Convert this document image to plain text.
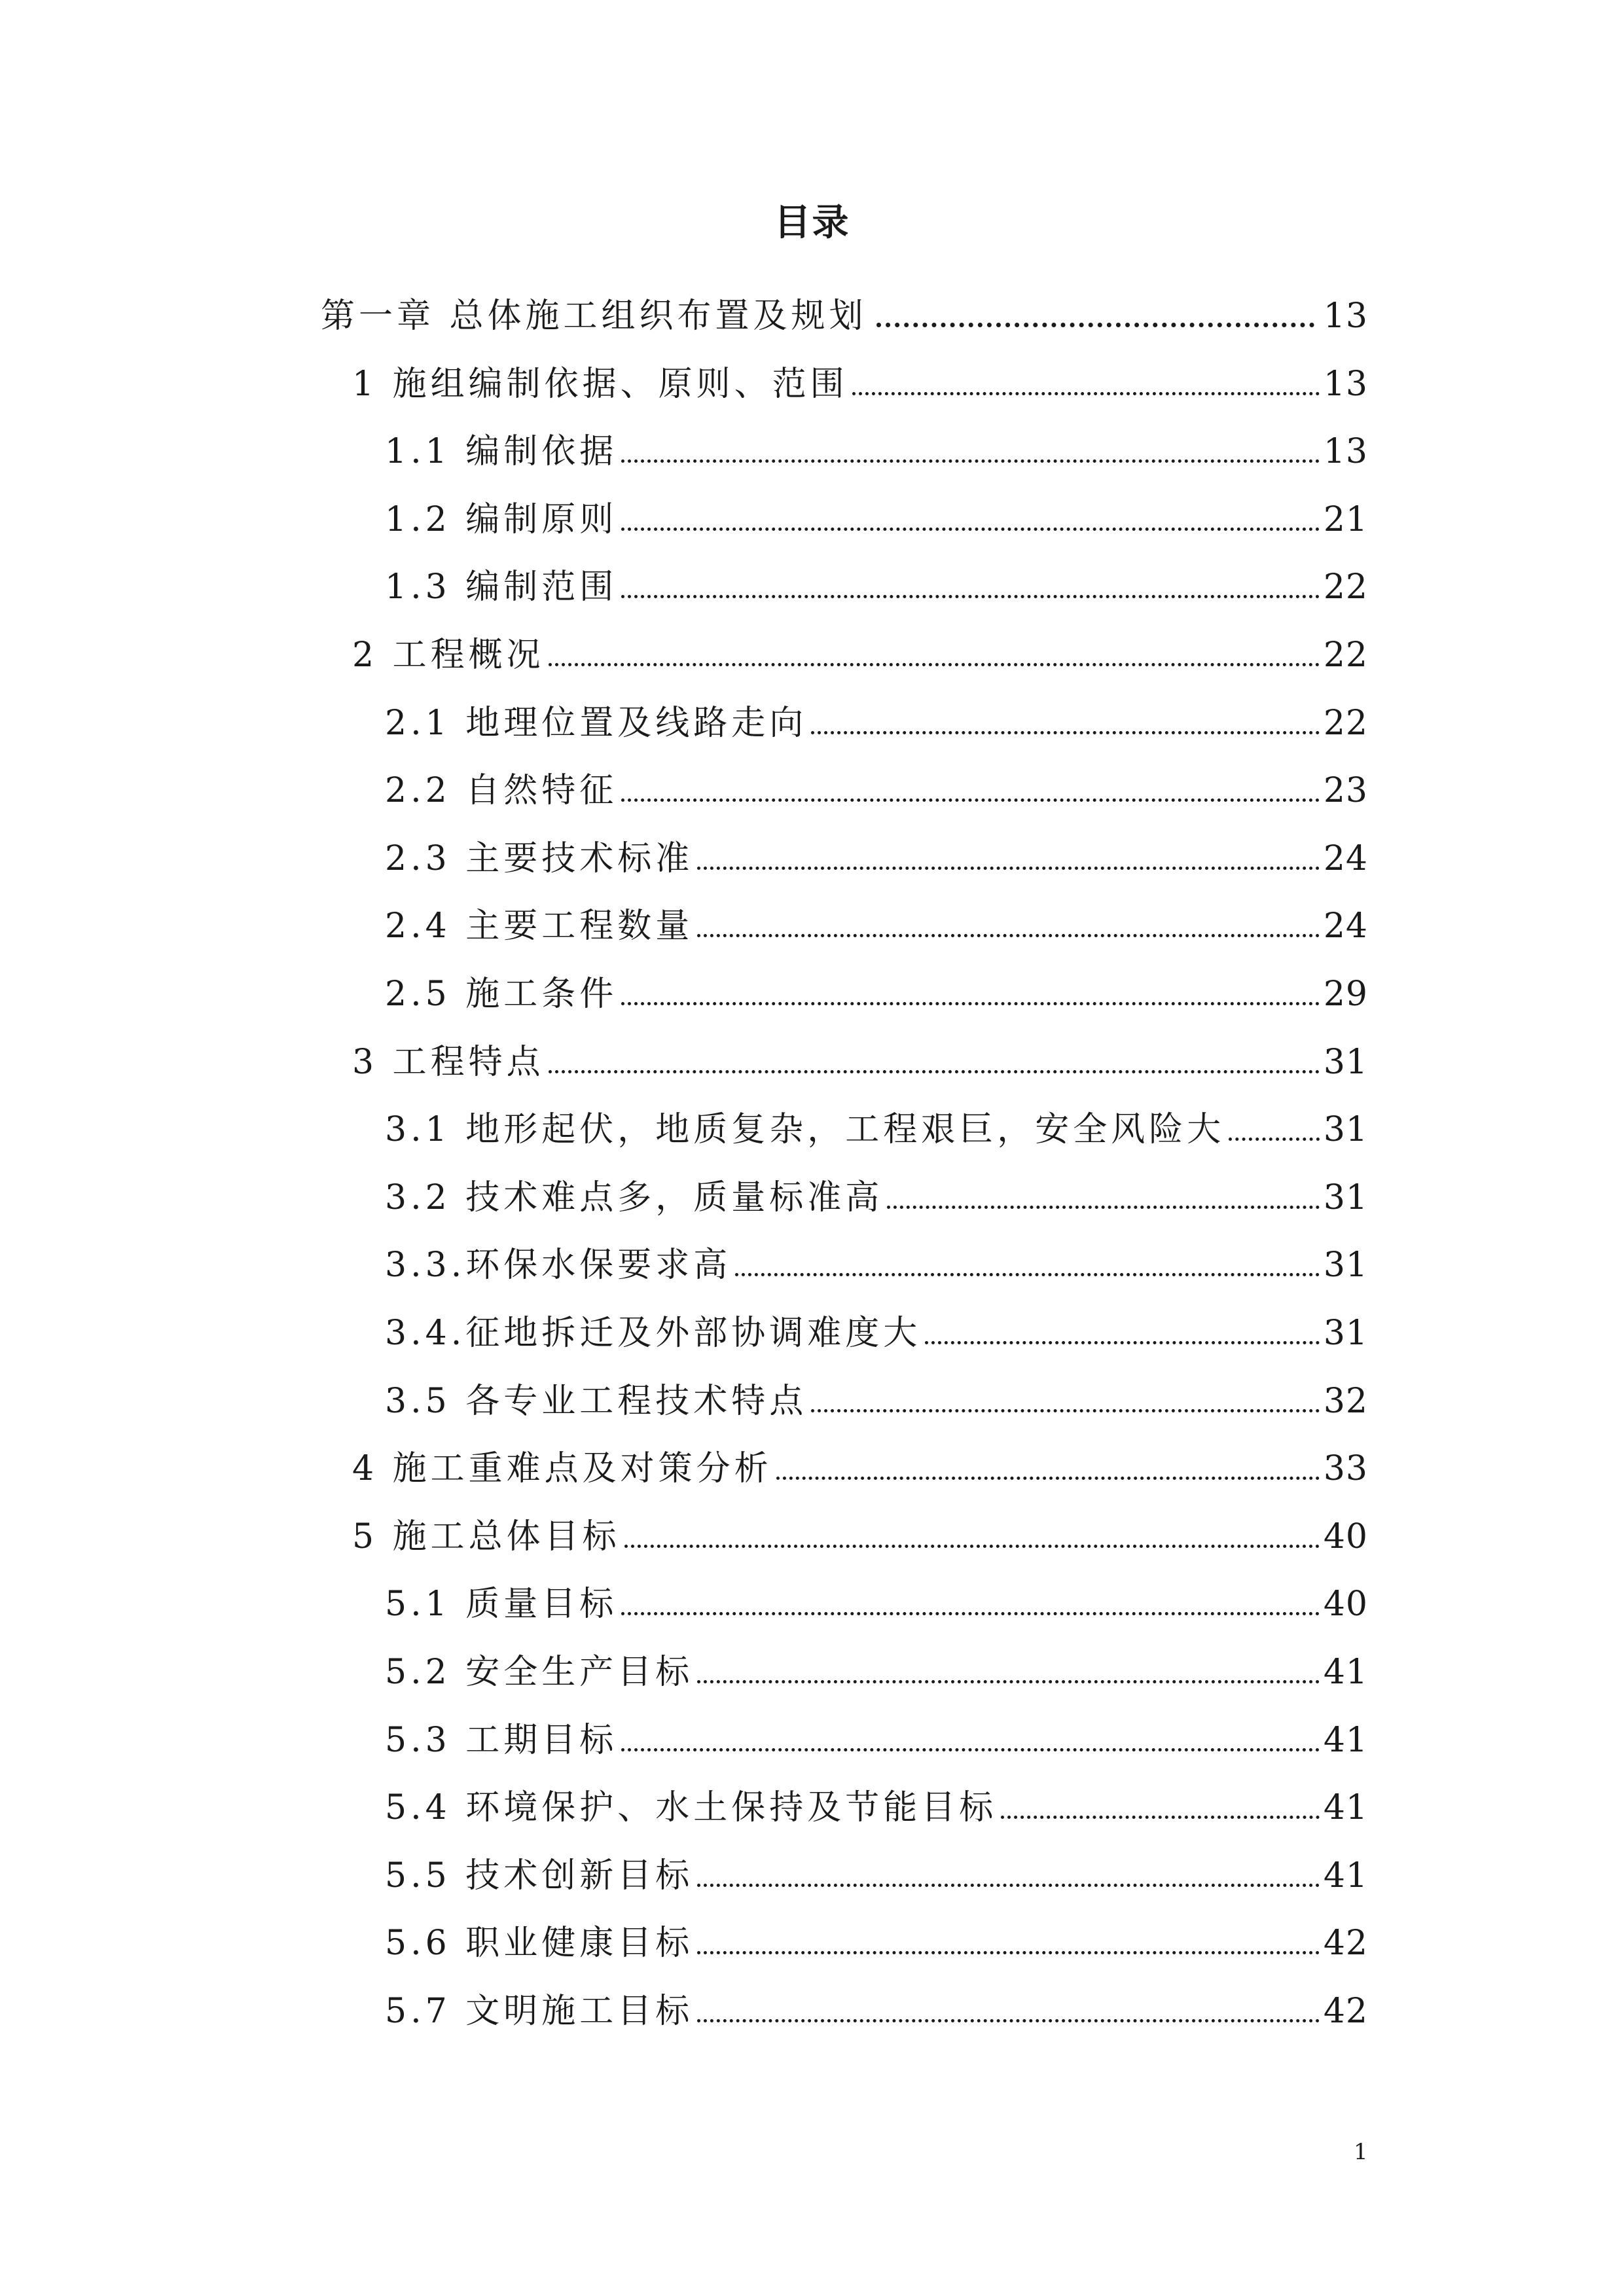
目录
第一章 总体施工组织布置及规划	13
1 施组编制依据、原则、范围	13
1.1 编制依据	13
1.2 编制原则	21
1.3 编制范围	22
2 工程概况	22
2.1 地理位置及线路走向	22
2.2 自然特征	23
2.3 主要技术标准	24
2.4 主要工程数量	24
2.5 施工条件	29
3 工程特点	31
3.1 地形起伏，地质复杂，工程艰巨，安全风险大	31
3.2 技术难点多，质量标准高	31
3.3.环保水保要求高	31
3.4.征地拆迁及外部协调难度大	31
3.5 各专业工程技术特点	32
4 施工重难点及对策分析	33
5 施工总体目标	40
5.1 质量目标	40
5.2 安全生产目标	41
5.3 工期目标	41
5.4 环境保护、水土保持及节能目标	41
5.5 技术创新目标	41
5.6 职业健康目标	42
5.7 文明施工目标	42
1
